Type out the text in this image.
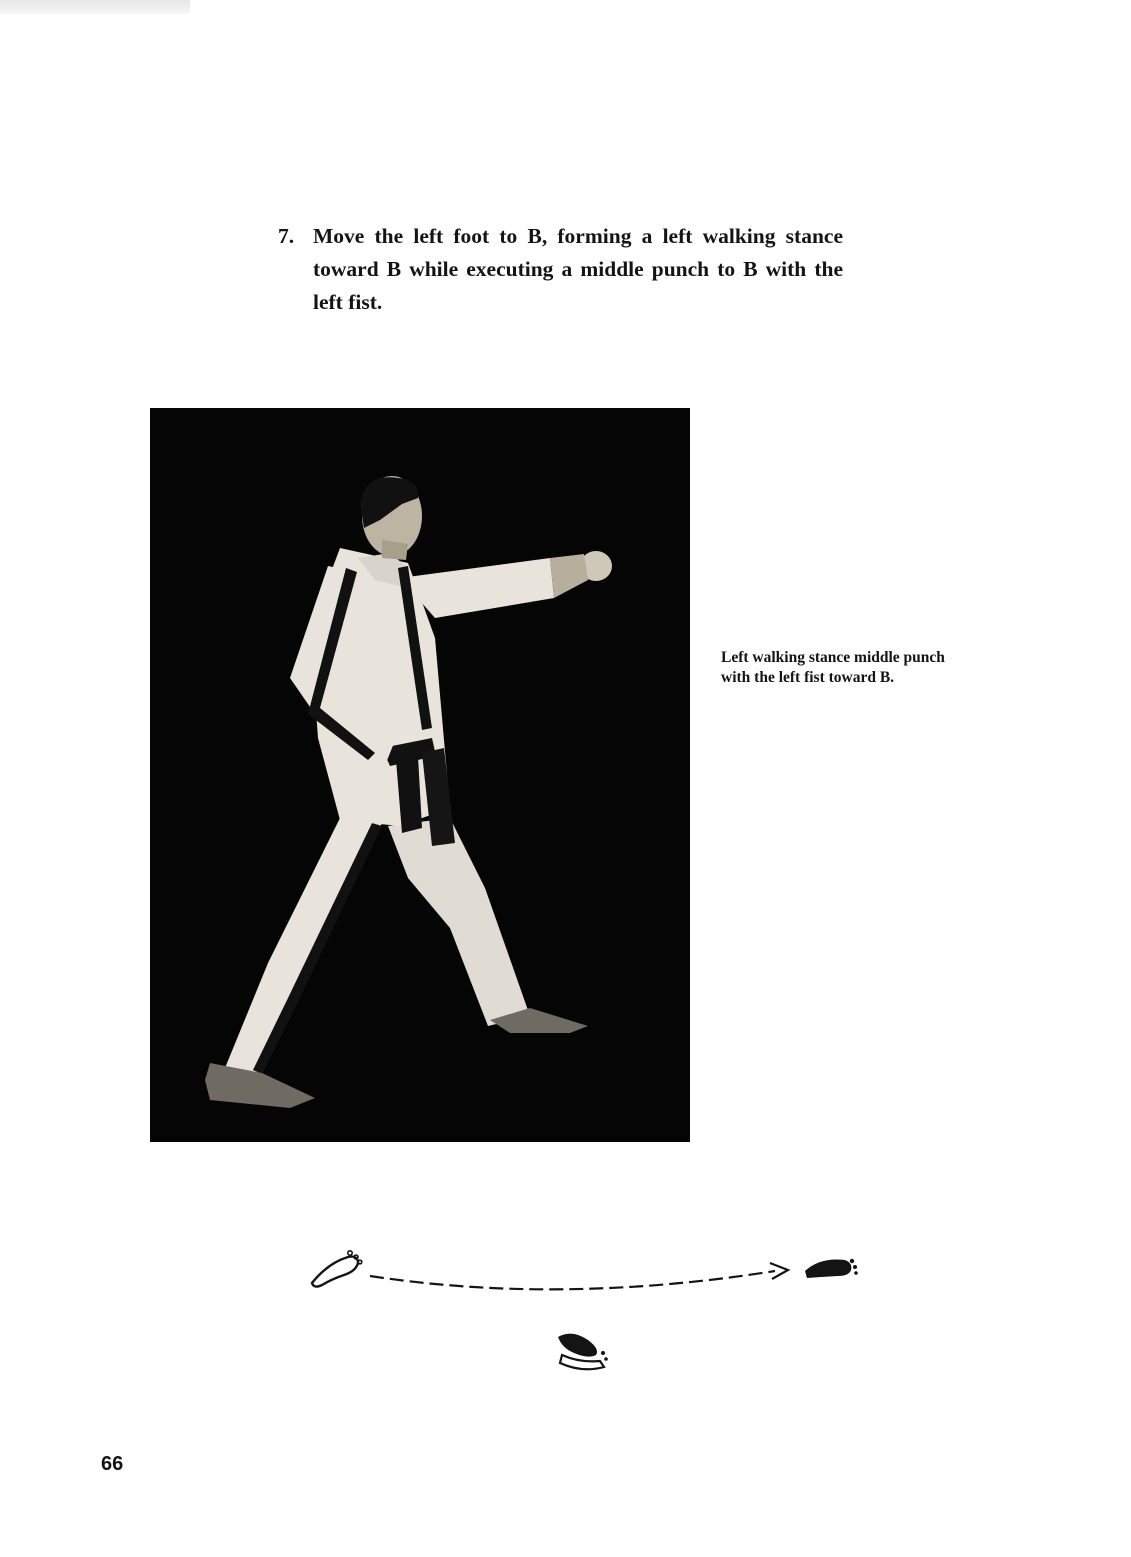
7. Move the left foot to B, forming a left walking stance toward B while executing a middle punch to B with the left fist.
Left walking stance middle punch
with the left fist toward B.
66
